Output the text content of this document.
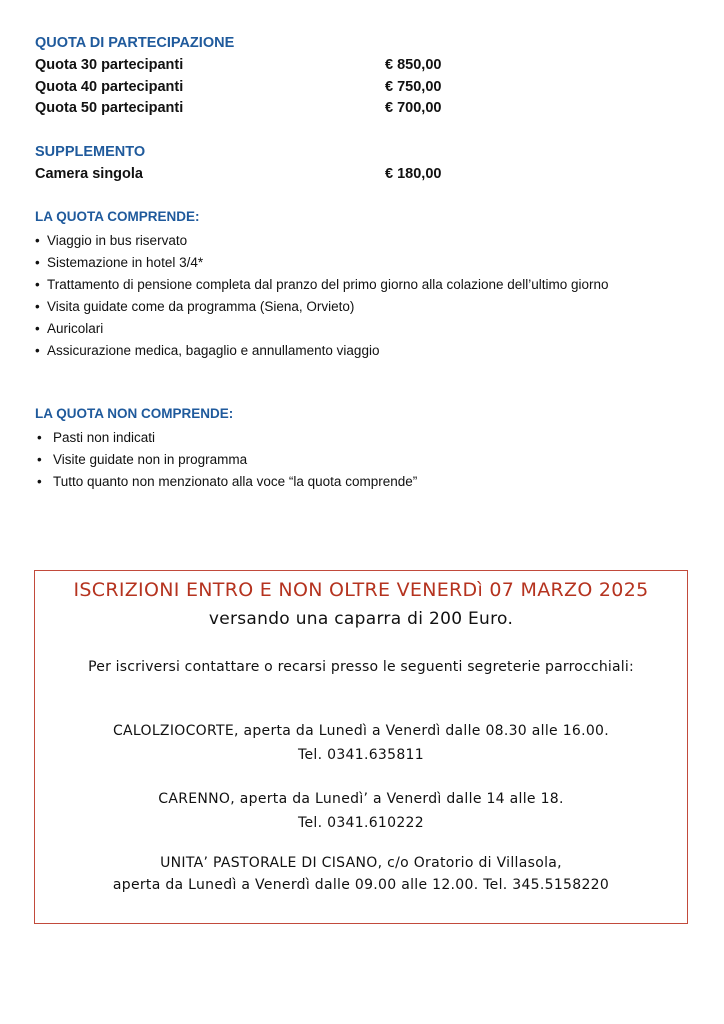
QUOTA DI PARTECIPAZIONE
Quota 30 partecipanti	€ 850,00
Quota 40 partecipanti	€ 750,00
Quota 50 partecipanti	€ 700,00
SUPPLEMENTO
Camera singola	€ 180,00
LA QUOTA COMPRENDE:
• Viaggio in bus riservato
• Sistemazione in hotel 3/4*
• Trattamento di pensione completa dal pranzo del primo giorno alla colazione dell’ultimo giorno
• Visita guidate come da programma (Siena, Orvieto)
• Auricolari
• Assicurazione medica, bagaglio e annullamento viaggio
LA QUOTA NON COMPRENDE:
• Pasti non indicati
• Visite guidate non in programma
• Tutto quanto non menzionato alla voce “la quota comprende”
ISCRIZIONI ENTRO E NON OLTRE VENERDì 07 MARZO 2025
versando una caparra di 200 Euro.
Per iscriversi contattare o recarsi presso le seguenti segreterie parrocchiali:
CALOLZIOCORTE, aperta da Lunedì a Venerdì dalle 08.30 alle 16.00.
Tel. 0341.635811
CARENNO, aperta da Lunedì’ a Venerdì dalle 14 alle 18.
Tel. 0341.610222
UNITA’ PASTORALE DI CISANO, c/o Oratorio di Villasola,
aperta da Lunedì a Venerdì dalle 09.00 alle 12.00. Tel. 345.5158220
